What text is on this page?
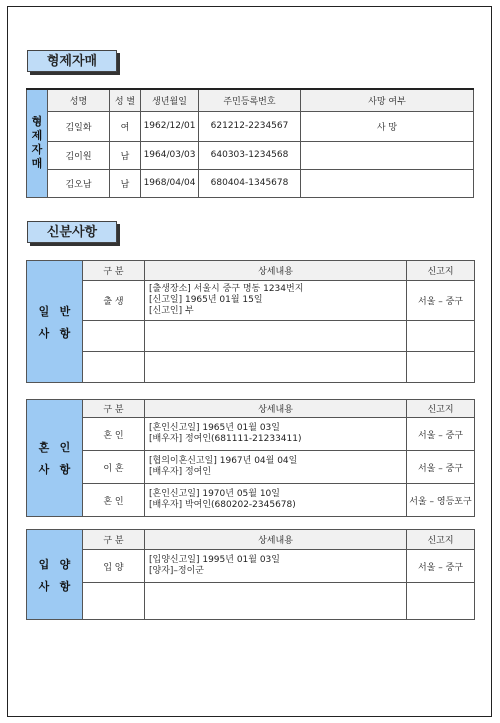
형제자매
형제자매	성명	성 별	생년월일	주민등록번호	사망 여부
	김일화	여	1962/12/01	621212-2234567	사 망
	김이원	남	1964/03/03	640303-1234568	
	김오남	남	1968/04/04	680404-1345678	
신분사항
일 반
사 항	구 분	상세내용	신고지
	출 생	[출생장소] 서울시 중구 명동 1234번지
[신고일] 1965년 01월 15일
[신고인] 부	서울 – 중구

혼 인
사 항	구 분	상세내용	신고지
	혼 인	[혼인신고일] 1965년 01월 03일
[배우자] 정여인(681111-21233411)	서울 – 중구
	이 혼	[협의이혼신고일] 1967년 04월 04일
[배우자] 정여인	서울 – 중구
	혼 인	[혼인신고일] 1970년 05월 10일
[배우자] 박여인(680202-2345678)	서울 – 영등포구
입 양
사 항	구 분	상세내용	신고지
	입 양	[입양신고일] 1995년 01월 03일
[양자]–정이군	서울 – 중구
